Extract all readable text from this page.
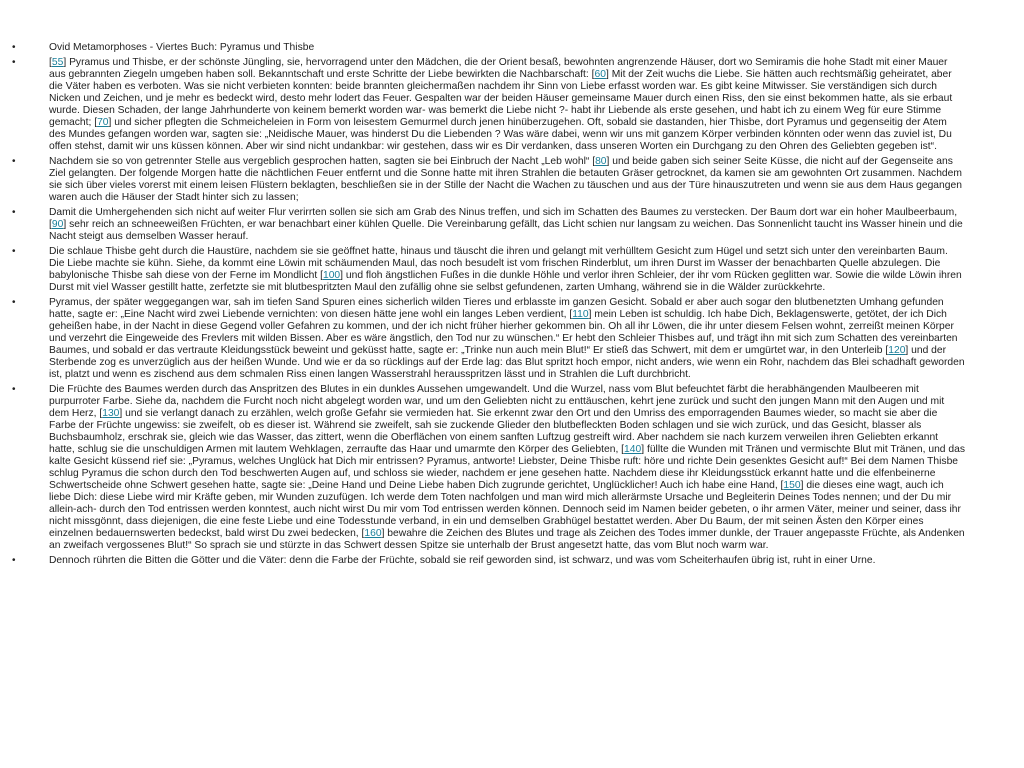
• Ovid Metamorphoses - Viertes Buch: Pyramus und Thisbe
• [55] Pyramus und Thisbe, er der schönste Jüngling, sie, hervorragend unter den Mädchen, die der Orient besaß, bewohnten angrenzende Häuser, dort wo Semiramis die hohe Stadt mit einer Mauer aus gebrannten Ziegeln umgeben haben soll. Bekanntschaft und erste Schritte der Liebe bewirkten die Nachbarschaft: [60] Mit der Zeit wuchs die Liebe. Sie hätten auch rechtsmäßig geheiratet, aber die Väter haben es verboten. Was sie nicht verbieten konnten: beide brannten gleichermaßen nachdem ihr Sinn von Liebe erfasst worden war. Es gibt keine Mitwisser. Sie verständigen sich durch Nicken und Zeichen, und je mehr es bedeckt wird, desto mehr lodert das Feuer. Gespalten war der beiden Häuser gemeinsame Mauer durch einen Riss, den sie einst bekommen hatte, als sie erbaut wurde. Diesen Schaden, der lange Jahrhunderte von keinem bemerkt worden war- was bemerkt die Liebe nicht ?- habt ihr Liebende als erste gesehen, und habt ich zu einem Weg für eure Stimme gemacht; [70] und sicher pflegten die Schmeicheleien in Form von leisestem Gemurmel durch jenen hinüberzugehen. Oft, sobald sie dastanden, hier Thisbe, dort Pyramus und gegenseitig der Atem des Mundes gefangen worden war, sagten sie: „Neidische Mauer, was hinderst Du die Liebenden ? Was wäre dabei, wenn wir uns mit ganzem Körper verbinden könnten oder wenn das zuviel ist, Du offen stehst, damit wir uns küssen können. Aber wir sind nicht undankbar: wir gestehen, dass wir es Dir verdanken, dass unseren Worten ein Durchgang zu den Ohren des Geliebten gegeben ist“.
• Nachdem sie so von getrennter Stelle aus vergeblich gesprochen hatten, sagten sie bei Einbruch der Nacht „Leb wohl“ [80] und beide gaben sich seiner Seite Küsse, die nicht auf der Gegenseite ans Ziel gelangten. Der folgende Morgen hatte die nächtlichen Feuer entfernt und die Sonne hatte mit ihren Strahlen die betauten Gräser getrocknet, da kamen sie am gewohnten Ort zusammen. Nachdem sie sich über vieles vorerst mit einem leisen Flüstern beklagten, beschließen sie in der Stille der Nacht die Wachen zu täuschen und aus der Türe hinauszutreten und wenn sie aus dem Haus gegangen waren auch die Häuser der Stadt hinter sich zu lassen;
• Damit die Umhergehenden sich nicht auf weiter Flur verirrten sollen sie sich am Grab des Ninus treffen, und sich im Schatten des Baumes zu verstecken. Der Baum dort war ein hoher Maulbeerbaum, [90] sehr reich an schneeweißen Früchten, er war benachbart einer kühlen Quelle. Die Vereinbarung gefällt, das Licht schien nur langsam zu weichen. Das Sonnenlicht taucht ins Wasser hinein und die Nacht steigt aus demselben Wasser herauf.
• Die schlaue Thisbe geht durch die Haustüre, nachdem sie sie geöffnet hatte, hinaus und täuscht die ihren und gelangt mit verhülltem Gesicht zum Hügel und setzt sich unter den vereinbarten Baum. Die Liebe machte sie kühn. Siehe, da kommt eine Löwin mit schäumenden Maul, das noch besudelt ist vom frischen Rinderblut, um ihren Durst im Wasser der benachbarten Quelle abzulegen. Die babylonische Thisbe sah diese von der Ferne im Mondlicht [100] und floh ängstlichen Fußes in die dunkle Höhle und verlor ihren Schleier, der ihr vom Rücken geglitten war. Sowie die wilde Löwin ihren Durst mit viel Wasser gestillt hatte, zerfetzte sie mit blutbespritzten Maul den zufällig ohne sie selbst gefundenen, zarten Umhang, während sie in die Wälder zurückkehrte.
• Pyramus, der später weggegangen war, sah im tiefen Sand Spuren eines sicherlich wilden Tieres und erblasste im ganzen Gesicht. Sobald er aber auch sogar den blutbenetzten Umhang gefunden hatte, sagte er: „Eine Nacht wird zwei Liebende vernichten: von diesen hätte jene wohl ein langes Leben verdient, [110] mein Leben ist schuldig. Ich habe Dich, Beklagenswerte, getötet, der ich Dich geheißen habe, in der Nacht in diese Gegend voller Gefahren zu kommen, und der ich nicht früher hierher gekommen bin. Oh all ihr Löwen, die ihr unter diesem Felsen wohnt, zerreißt meinen Körper und verzehrt die Eingeweide des Frevlers mit wilden Bissen. Aber es wäre ängstlich, den Tod nur zu wünschen.“ Er hebt den Schleier Thisbes auf, und trägt ihn mit sich zum Schatten des vereinbarten Baumes, und sobald er das vertraute Kleidungsstück beweint und geküsst hatte, sagte er: „Trinke nun auch mein Blut!“ Er stieß das Schwert, mit dem er umgürtet war, in den Unterleib [120] und der Sterbende zog es unverzüglich aus der heißen Wunde. Und wie er da so rücklings auf der Erde lag: das Blut spritzt hoch empor, nicht anders, wie wenn ein Rohr, nachdem das Blei schadhaft geworden ist, platzt und wenn es zischend aus dem schmalen Riss einen langen Wasserstrahl herausspritzen lässt und in Strahlen die Luft durchbricht.
• Die Früchte des Baumes werden durch das Anspritzen des Blutes in ein dunkles Aussehen umgewandelt. Und die Wurzel, nass vom Blut befeuchtet färbt die herabhängenden Maulbeeren mit purpurroter Farbe. Siehe da, nachdem die Furcht noch nicht abgelegt worden war, und um den Geliebten nicht zu enttäuschen, kehrt jene zurück und sucht den jungen Mann mit den Augen und mit dem Herz, [130] und sie verlangt danach zu erzählen, welch große Gefahr sie vermieden hat. Sie erkennt zwar den Ort und den Umriss des emporragenden Baumes wieder, so macht sie aber die Farbe der Früchte ungewiss: sie zweifelt, ob es dieser ist. Während sie zweifelt, sah sie zuckende Glieder den blutbefleckten Boden schlagen und sie wich zurück, und das Gesicht, blasser als Buchsbaumholz, erschrak sie, gleich wie das Wasser, das zittert, wenn die Oberflächen von einem sanften Luftzug gestreift wird. Aber nachdem sie nach kurzem verweilen ihren Geliebten erkannt hatte, schlug sie die unschuldigen Armen mit lautem Wehklagen, zerraufte das Haar und umarmte den Körper des Geliebten, [140] füllte die Wunden mit Tränen und vermischte Blut mit Tränen, und das kalte Gesicht küssend rief sie: „Pyramus, welches Unglück hat Dich mir entrissen? Pyramus, antworte! Liebster, Deine Thisbe ruft: höre und richte Dein gesenktes Gesicht auf!“ Bei dem Namen Thisbe schlug Pyramus die schon durch den Tod beschwerten Augen auf, und schloss sie wieder, nachdem er jene gesehen hatte. Nachdem diese ihr Kleidungsstück erkannt hatte und die elfenbeinerne Schwertscheide ohne Schwert gesehen hatte, sagte sie: „Deine Hand und Deine Liebe haben Dich zugrunde gerichtet, Unglücklicher! Auch ich habe eine Hand, [150] die dieses eine wagt, auch ich liebe Dich: diese Liebe wird mir Kräfte geben, mir Wunden zuzufügen. Ich werde dem Toten nachfolgen und man wird mich allerärmste Ursache und Begleiterin Deines Todes nennen; und der Du mir allein-ach- durch den Tod entrissen werden konntest, auch nicht wirst Du mir vom Tod entrissen werden können. Dennoch seid im Namen beider gebeten, o ihr armen Väter, meiner und seiner, dass ihr nicht missgönnt, dass diejenigen, die eine feste Liebe und eine Todesstunde verband, in ein und demselben Grabhügel bestattet werden. Aber Du Baum, der mit seinen Ästen den Körper eines einzelnen bedauernswerten bedeckst, bald wirst Du zwei bedecken, [160] bewahre die Zeichen des Blutes und trage als Zeichen des Todes immer dunkle, der Trauer angepasste Früchte, als Andenken an zweifach vergossenes Blut!“ So sprach sie und stürzte in das Schwert dessen Spitze sie unterhalb der Brust angesetzt hatte, das vom Blut noch warm war.
• Dennoch rührten die Bitten die Götter und die Väter: denn die Farbe der Früchte, sobald sie reif geworden sind, ist schwarz, und was vom Scheiterhaufen übrig ist, ruht in einer Urne.
